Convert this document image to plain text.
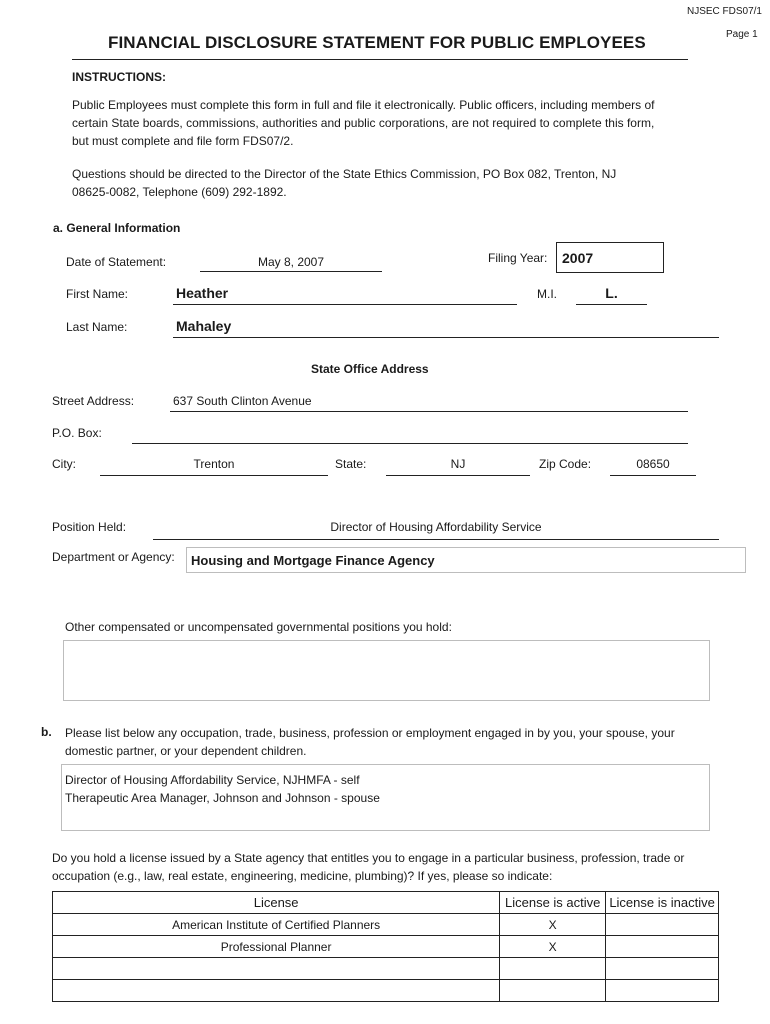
NJSEC FDS07/1
Page 1
FINANCIAL DISCLOSURE STATEMENT FOR PUBLIC EMPLOYEES
INSTRUCTIONS:
Public Employees must complete this form in full and file it electronically. Public officers, including members of
certain State boards, commissions, authorities and public corporations, are not required to complete this form,
but must complete and file form FDS07/2.
Questions should be directed to the Director of the State Ethics Commission, PO Box 082, Trenton, NJ
08625-0082, Telephone (609) 292-1892.
a. General Information
Date of Statement:	May 8, 2007	Filing Year: 2007
First Name:	Heather	M.I.	L.
Last Name:	Mahaley
State Office Address
Street Address:	637 South Clinton Avenue
P.O. Box:
City:	Trenton	State:	NJ	Zip Code:	08650
Position Held:	Director of Housing Affordability Service
Department or Agency: Housing and Mortgage Finance Agency
Other compensated or uncompensated governmental positions you hold:
b. Please list below any occupation, trade, business, profession or employment engaged in by you, your spouse, your
domestic partner, or your dependent children.
Director of Housing Affordability Service, NJHMFA - self
Therapeutic Area Manager, Johnson and Johnson - spouse
Do you hold a license issued by a State agency that entitles you to engage in a particular business, profession, trade or
occupation (e.g., law, real estate, engineering, medicine, plumbing)? If yes, please so indicate:
License	License is active	License is inactive
American Institute of Certified Planners	X	
Professional Planner	X	
